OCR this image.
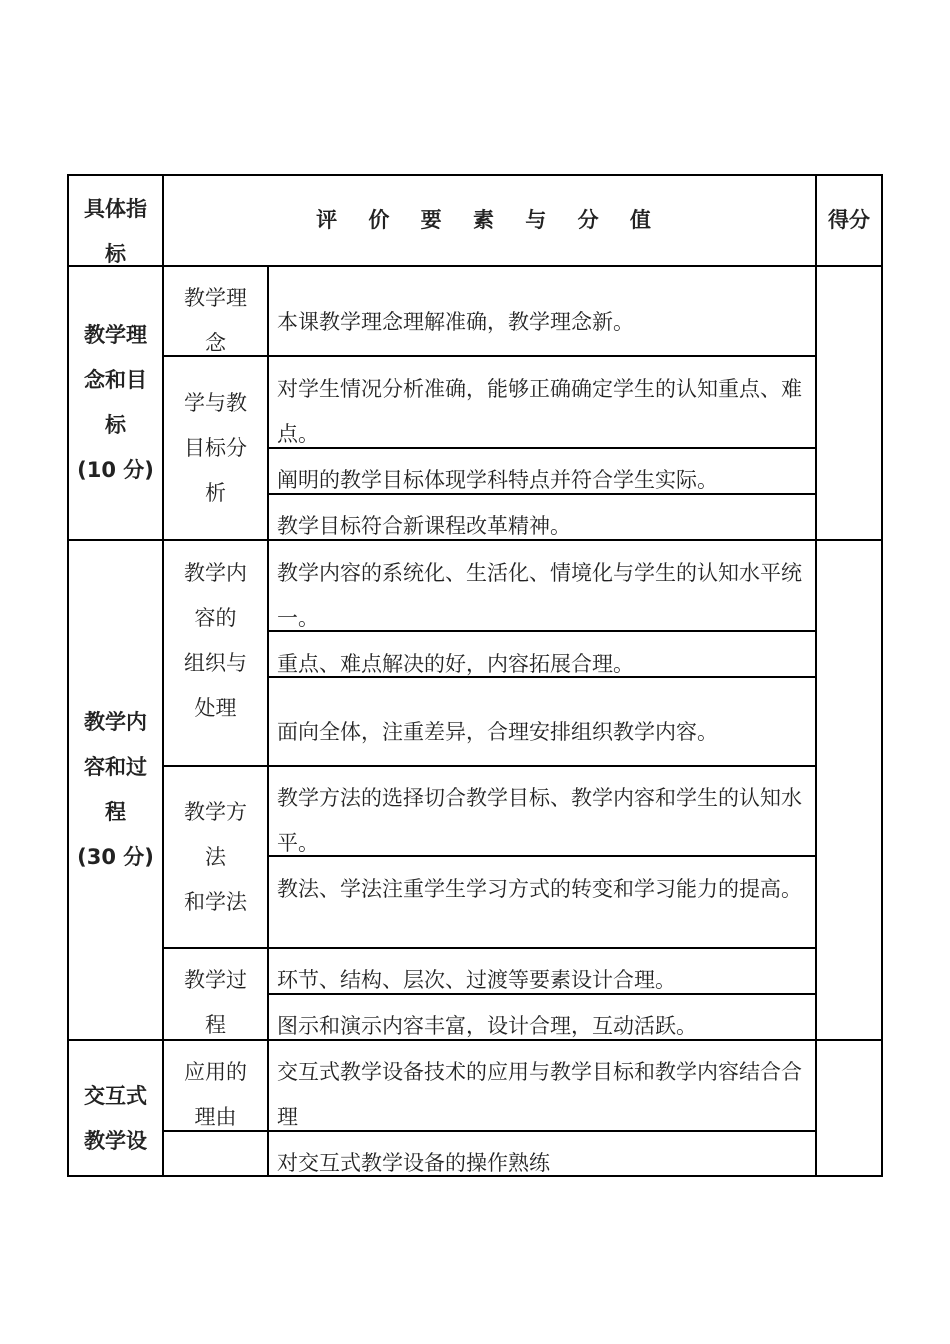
具体指
标
评 价 要 素 与 分 值	得分
教学理
念和目
标
(10 分)
教学理
念
本课教学理念理解准确，教学理念新。
学与教
目标分
析
对学生情况分析准确，能够正确确定学生的认知重点、难点。
阐明的教学目标体现学科特点并符合学生实际。
教学目标符合新课程改革精神。
教学内
容和过
程
(30 分)
教学内
容的
组织与
处理
教学内容的系统化、生活化、情境化与学生的认知水平统一。
重点、难点解决的好，内容拓展合理。
面向全体，注重差异，合理安排组织教学内容。
教学方
法
和学法
教学方法的选择切合教学目标、教学内容和学生的认知水平。
教法、学法注重学生学习方式的转变和学习能力的提高。
教学过
程
环节、结构、层次、过渡等要素设计合理。
图示和演示内容丰富，设计合理，互动活跃。
交互式
教学设
应用的
理由
交互式教学设备技术的应用与教学目标和教学内容结合合理
对交互式教学设备的操作熟练
